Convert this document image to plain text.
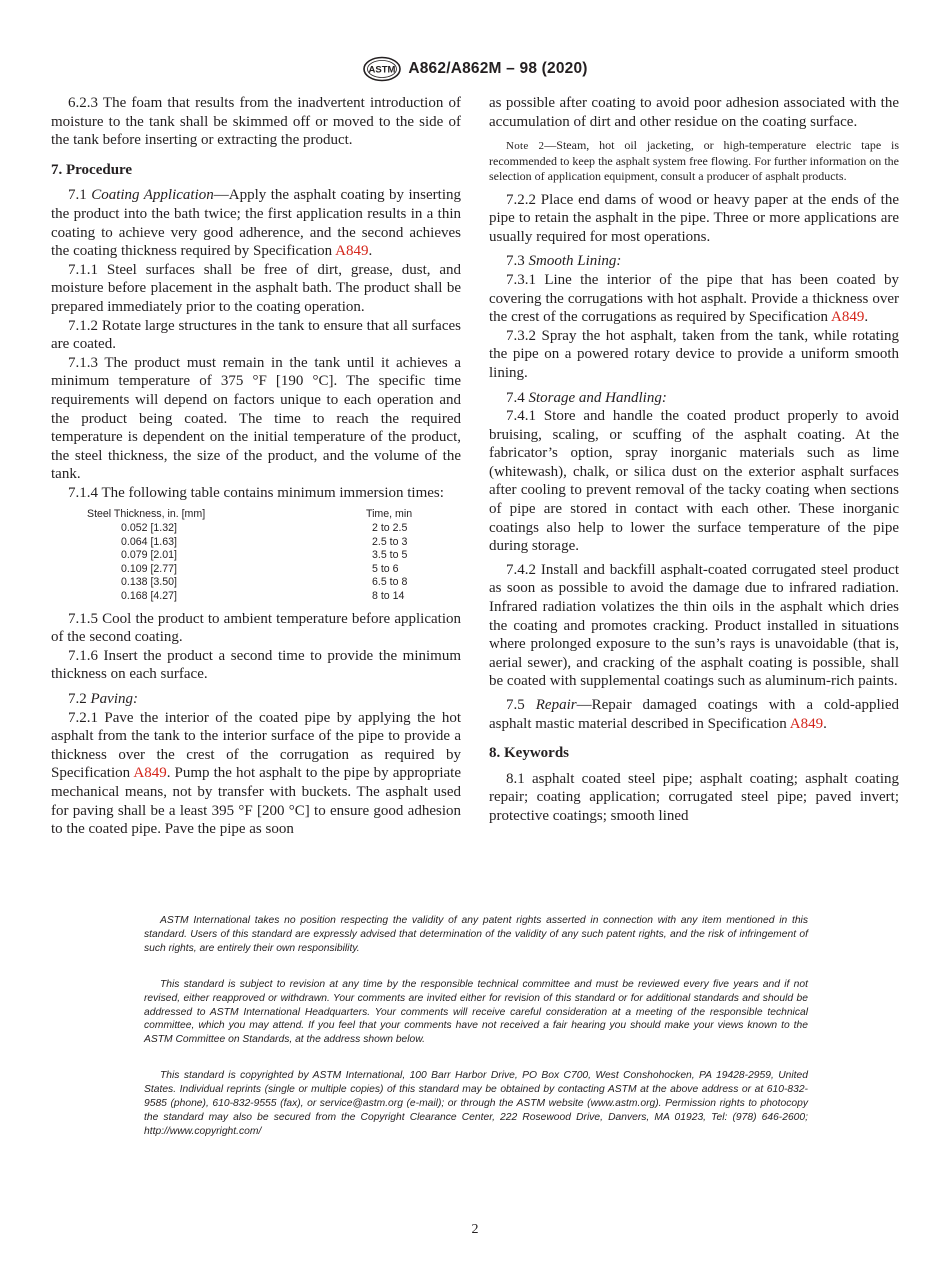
ASTM A862/A862M – 98 (2020)

6.2.3 The foam that results from the inadvertent introduction of moisture to the tank shall be skimmed off or moved to the side of the tank before inserting or extracting the product.

7. Procedure

7.1 Coating Application—Apply the asphalt coating by inserting the product into the bath twice; the first application results in a thin coating to achieve very good adherence, and the second achieves the coating thickness required by Specification A849.

7.1.1 Steel surfaces shall be free of dirt, grease, dust, and moisture before placement in the asphalt bath. The product shall be prepared immediately prior to the coating operation.

7.1.2 Rotate large structures in the tank to ensure that all surfaces are coated.

7.1.3 The product must remain in the tank until it achieves a minimum temperature of 375 °F [190 °C]. The specific time requirements will depend on factors unique to each operation and the product being coated. The time to reach the required temperature is dependent on the initial temperature of the product, the steel thickness, the size of the product, and the volume of the tank.

7.1.4 The following table contains minimum immersion times:

Steel Thickness, in. [mm]	Time, min
0.052 [1.32]	2 to 2.5
0.064 [1.63]	2.5 to 3
0.079 [2.01]	3.5 to 5
0.109 [2.77]	5 to 6
0.138 [3.50]	6.5 to 8
0.168 [4.27]	8 to 14

7.1.5 Cool the product to ambient temperature before application of the second coating.

7.1.6 Insert the product a second time to provide the minimum thickness on each surface.

7.2 Paving:

7.2.1 Pave the interior of the coated pipe by applying the hot asphalt from the tank to the interior surface of the pipe to provide a thickness over the crest of the corrugation as required by Specification A849. Pump the hot asphalt to the pipe by appropriate mechanical means, not by transfer with buckets. The asphalt used for paving shall be a least 395 °F [200 °C] to ensure good adhesion to the coated pipe. Pave the pipe as soon

as possible after coating to avoid poor adhesion associated with the accumulation of dirt and other residue on the coating surface.

Note 2—Steam, hot oil jacketing, or high-temperature electric tape is recommended to keep the asphalt system free flowing. For further information on the selection of application equipment, consult a producer of asphalt products.

7.2.2 Place end dams of wood or heavy paper at the ends of the pipe to retain the asphalt in the pipe. Three or more applications are usually required for most operations.

7.3 Smooth Lining:

7.3.1 Line the interior of the pipe that has been coated by covering the corrugations with hot asphalt. Provide a thickness over the crest of the corrugations as required by Specification A849.

7.3.2 Spray the hot asphalt, taken from the tank, while rotating the pipe on a powered rotary device to provide a uniform smooth lining.

7.4 Storage and Handling:

7.4.1 Store and handle the coated product properly to avoid bruising, scaling, or scuffing of the asphalt coating. At the fabricator’s option, spray inorganic materials such as lime (whitewash), chalk, or silica dust on the exterior asphalt surfaces after cooling to prevent removal of the tacky coating when sections of pipe are stored in contact with each other. These inorganic coatings also help to lower the surface temperature of the pipe during storage.

7.4.2 Install and backfill asphalt-coated corrugated steel product as soon as possible to avoid the damage due to infrared radiation. Infrared radiation volatizes the thin oils in the asphalt which dries the coating and promotes cracking. Product installed in situations where prolonged exposure to the sun’s rays is unavoidable (that is, aerial sewer), and cracking of the asphalt coating is possible, shall be coated with supplemental coatings such as aluminum-rich paints.

7.5 Repair—Repair damaged coatings with a cold-applied asphalt mastic material described in Specification A849.

8. Keywords

8.1 asphalt coated steel pipe; asphalt coating; asphalt coating repair; coating application; corrugated steel pipe; paved invert; protective coatings; smooth lined

ASTM International takes no position respecting the validity of any patent rights asserted in connection with any item mentioned in this standard. Users of this standard are expressly advised that determination of the validity of any such patent rights, and the risk of infringement of such rights, are entirely their own responsibility.

This standard is subject to revision at any time by the responsible technical committee and must be reviewed every five years and if not revised, either reapproved or withdrawn. Your comments are invited either for revision of this standard or for additional standards and should be addressed to ASTM International Headquarters. Your comments will receive careful consideration at a meeting of the responsible technical committee, which you may attend. If you feel that your comments have not received a fair hearing you should make your views known to the ASTM Committee on Standards, at the address shown below.

This standard is copyrighted by ASTM International, 100 Barr Harbor Drive, PO Box C700, West Conshohocken, PA 19428-2959, United States. Individual reprints (single or multiple copies) of this standard may be obtained by contacting ASTM at the above address or at 610-832-9585 (phone), 610-832-9555 (fax), or service@astm.org (e-mail); or through the ASTM website (www.astm.org). Permission rights to photocopy the standard may also be secured from the Copyright Clearance Center, 222 Rosewood Drive, Danvers, MA 01923, Tel: (978) 646-2600; http://www.copyright.com/

2
